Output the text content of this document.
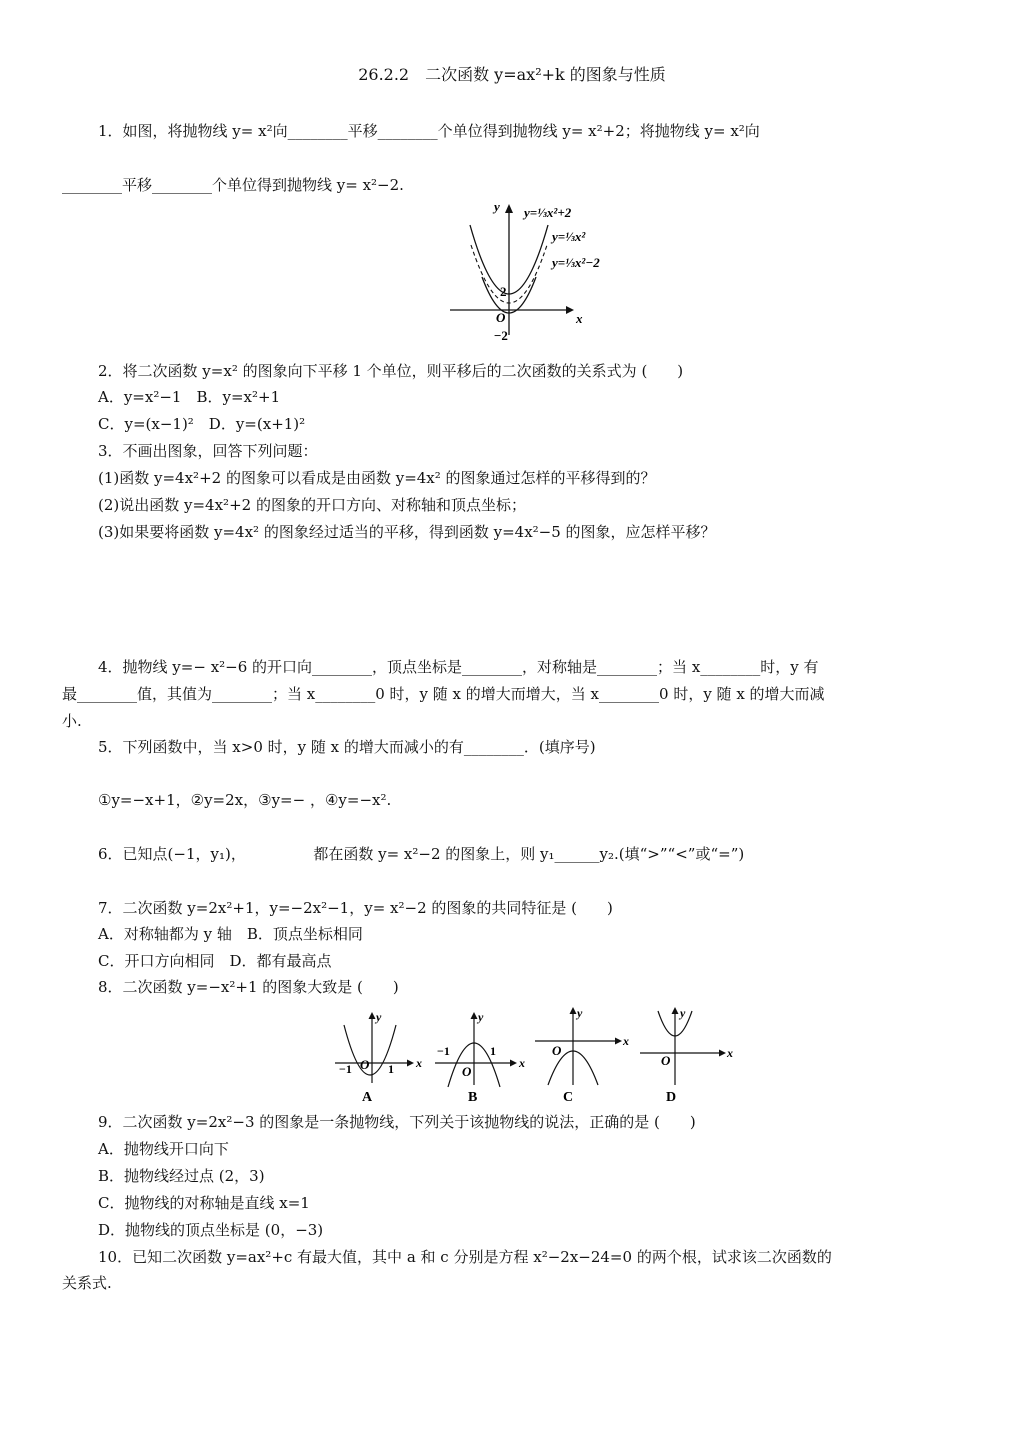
26.2.2　二次函数 y=ax²+k 的图象与性质
1．如图，将抛物线 y= x²向________平移________个单位得到抛物线 y= x²+2；将抛物线 y= x²向
________平移________个单位得到抛物线 y= x²−2.
y
x
O
2
−2
y=⅓x²+2
y=⅓x²
y=⅓x²−2
2．将二次函数 y=x² 的图象向下平移 1 个单位，则平移后的二次函数的关系式为 (　　)
A．y=x²−1　B．y=x²+1
C．y=(x−1)²　D．y=(x+1)²
3．不画出图象，回答下列问题：
(1)函数 y=4x²+2 的图象可以看成是由函数 y=4x² 的图象通过怎样的平移得到的？
(2)说出函数 y=4x²+2 的图象的开口方向、对称轴和顶点坐标；
(3)如果要将函数 y=4x² 的图象经过适当的平移，得到函数 y=4x²−5 的图象，应怎样平移？
4．抛物线 y=− x²−6 的开口向________，顶点坐标是________，对称轴是________；当 x________时，y 有
最________值，其值为________；当 x________0 时，y 随 x 的增大而增大，当 x________0 时，y 随 x 的增大而减
小.
5．下列函数中，当 x>0 时，y 随 x 的增大而减小的有________．(填序号)
①y=−x+1，②y=2x，③y=− ，④y=−x².
6．已知点(−1，y₁)，　　　　　都在函数 y= x²−2 的图象上，则 y₁______y₂.(填“>”“<”或“=”)
7．二次函数 y=2x²+1，y=−2x²−1，y= x²−2 的图象的共同特征是 (　　)
A．对称轴都为 y 轴　B．顶点坐标相同
C．开口方向相同　D．都有最高点
8．二次函数 y=−x²+1 的图象大致是 (　　)
O
−1	1 x
y
A
O
−1	1
x
y
B
O
x
y
C
O	x
y
D
9．二次函数 y=2x²−3 的图象是一条抛物线，下列关于该抛物线的说法，正确的是 (　　)
A．抛物线开口向下
B．抛物线经过点 (2，3)
C．抛物线的对称轴是直线 x=1
D．抛物线的顶点坐标是 (0，−3)
10．已知二次函数 y=ax²+c 有最大值，其中 a 和 c 分别是方程 x²−2x−24=0 的两个根，试求该二次函数的
关系式.
